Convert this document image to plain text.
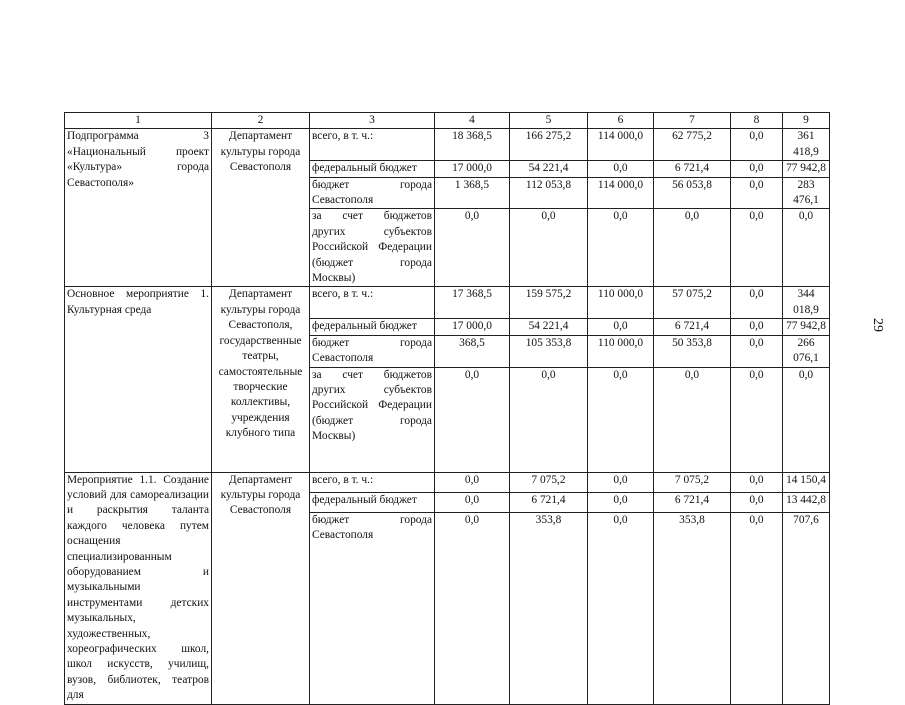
1	2	3	4	5	6	7	8	9
Подпрограмма 3 «Национальный проект «Культура» города Севастополя»	Департамент культуры города Севастополя	всего, в т. ч.:	18 368,5	166 275,2	114 000,0	62 775,2	0,0	361 418,9
		федеральный бюджет	17 000,0	54 221,4	0,0	6 721,4	0,0	77 942,8
		бюджет города Севастополя	1 368,5	112 053,8	114 000,0	56 053,8	0,0	283 476,1
		за счет бюджетов других субъектов Российской Федерации (бюджет города Москвы)	0,0	0,0	0,0	0,0	0,0	0,0
Основное мероприятие 1. Культурная среда	Департамент культуры города Севастополя, государственные театры, самостоятельные творческие коллективы, учреждения клубного типа	всего, в т. ч.:	17 368,5	159 575,2	110 000,0	57 075,2	0,0	344 018,9
		федеральный бюджет	17 000,0	54 221,4	0,0	6 721,4	0,0	77 942,8
		бюджет города Севастополя	368,5	105 353,8	110 000,0	50 353,8	0,0	266 076,1
		за счет бюджетов других субъектов Российской Федерации (бюджет города Москвы)	0,0	0,0	0,0	0,0	0,0	0,0
Мероприятие 1.1. Создание условий для самореализации и раскрытия таланта каждого человека путем оснащения специализированным оборудованием и музыкальными инструментами детских музыкальных, художественных, хореографических школ, школ искусств, училищ, вузов, библиотек, театров для	Департамент культуры города Севастополя	всего, в т. ч.:	0,0	7 075,2	0,0	7 075,2	0,0	14 150,4
		федеральный бюджет	0,0	6 721,4	0,0	6 721,4	0,0	13 442,8
		бюджет города Севастополя	0,0	353,8	0,0	353,8	0,0	707,6
29
